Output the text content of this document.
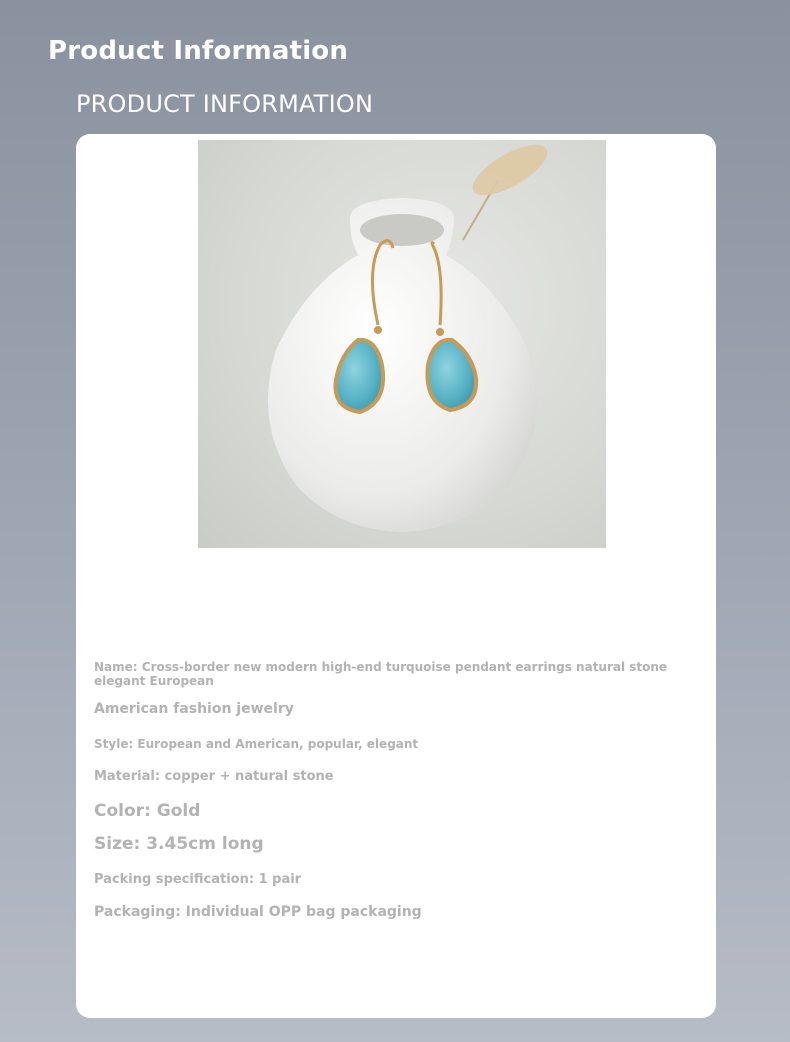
Product Information
PRODUCT INFORMATION

Name: Cross-border new modern high-end turquoise pendant earrings natural stone elegant European

American fashion jewelry

Style: European and American, popular, elegant

Material: copper + natural stone

Color: Gold

Size: 3.45cm long

Packing specification: 1 pair

Packaging: Individual OPP bag packaging
